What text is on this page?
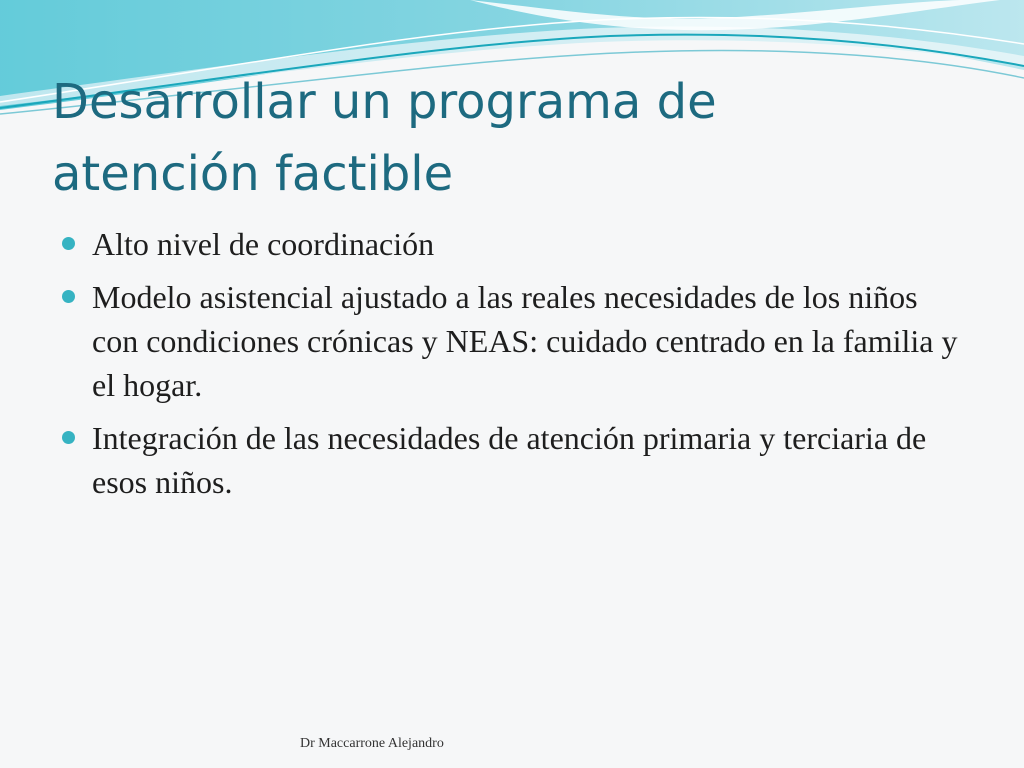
Desarrollar un programa de
atención factible
Alto nivel de coordinación
Modelo asistencial ajustado a las reales necesidades de los niños con condiciones crónicas y NEAS: cuidado centrado en la familia y el hogar.
Integración de las necesidades de atención primaria y terciaria de esos niños.
Dr Maccarrone Alejandro
